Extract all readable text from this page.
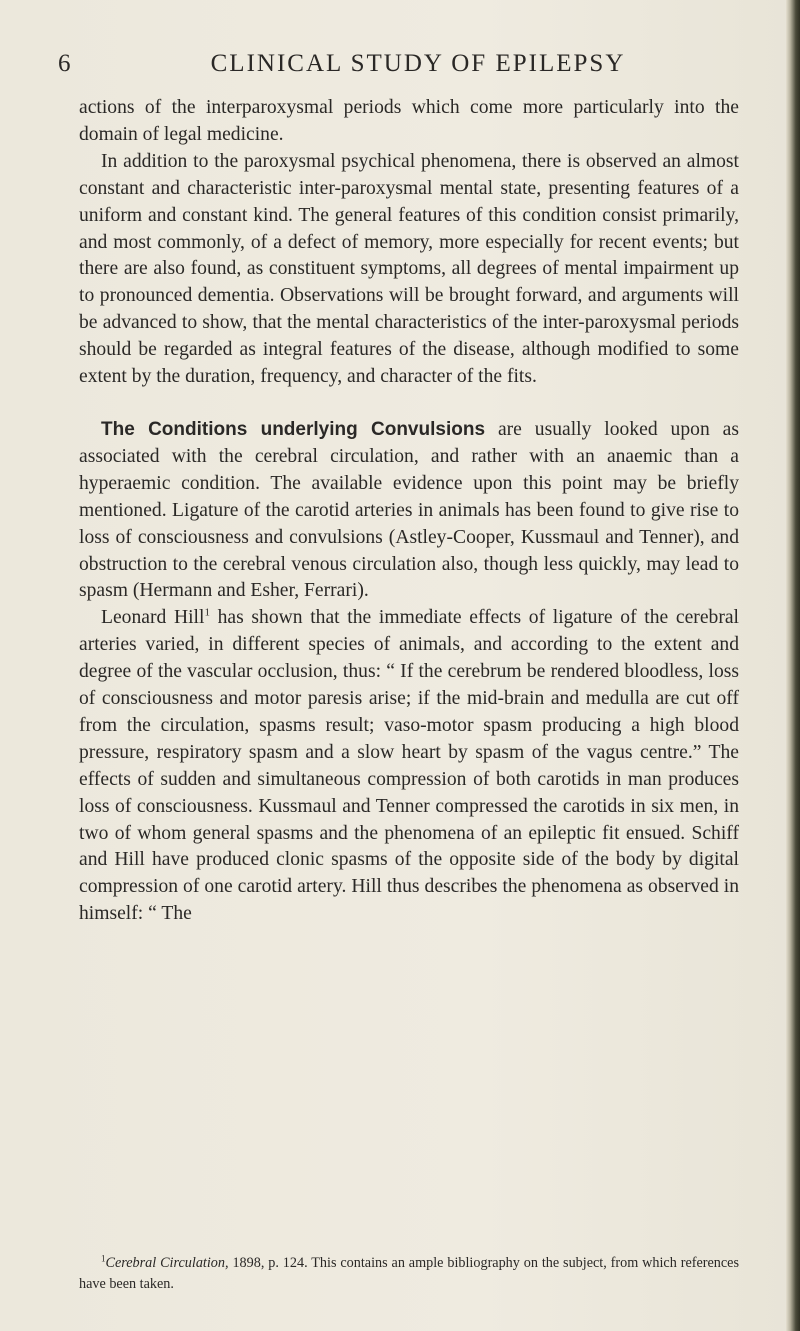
6	CLINICAL STUDY OF EPILEPSY

actions of the interparoxysmal periods which come more particularly into the domain of legal medicine.

In addition to the paroxysmal psychical phenomena, there is observed an almost constant and characteristic inter-paroxysmal mental state, presenting features of a uniform and constant kind. The general features of this condition consist primarily, and most commonly, of a defect of memory, more especially for recent events; but there are also found, as constituent symptoms, all degrees of mental impairment up to pronounced dementia. Observations will be brought forward, and arguments will be advanced to show, that the mental characteristics of the inter-paroxysmal periods should be regarded as integral features of the disease, although modified to some extent by the duration, frequency, and character of the fits.

The Conditions underlying Convulsions are usually looked upon as associated with the cerebral circulation, and rather with an anaemic than a hyperaemic condition. The available evidence upon this point may be briefly mentioned. Ligature of the carotid arteries in animals has been found to give rise to loss of consciousness and convulsions (Astley-Cooper, Kussmaul and Tenner), and obstruction to the cerebral venous circulation also, though less quickly, may lead to spasm (Hermann and Esher, Ferrari).

Leonard Hill$^1$ has shown that the immediate effects of ligature of the cerebral arteries varied, in different species of animals, and according to the extent and degree of the vascular occlusion, thus: “ If the cerebrum be rendered bloodless, loss of consciousness and motor paresis arise; if the mid-brain and medulla are cut off from the circulation, spasms result; vaso-motor spasm producing a high blood pressure, respiratory spasm and a slow heart by spasm of the vagus centre.” The effects of sudden and simultaneous compression of both carotids in man produces loss of consciousness. Kussmaul and Tenner compressed the carotids in six men, in two of whom general spasms and the phenomena of an epileptic fit ensued. Schiff and Hill have produced clonic spasms of the opposite side of the body by digital compression of one carotid artery. Hill thus describes the phenomena as observed in himself: “ The

$^1$Cerebral Circulation, 1898, p. 124. This contains an ample bibliography on the subject, from which references have been taken.
